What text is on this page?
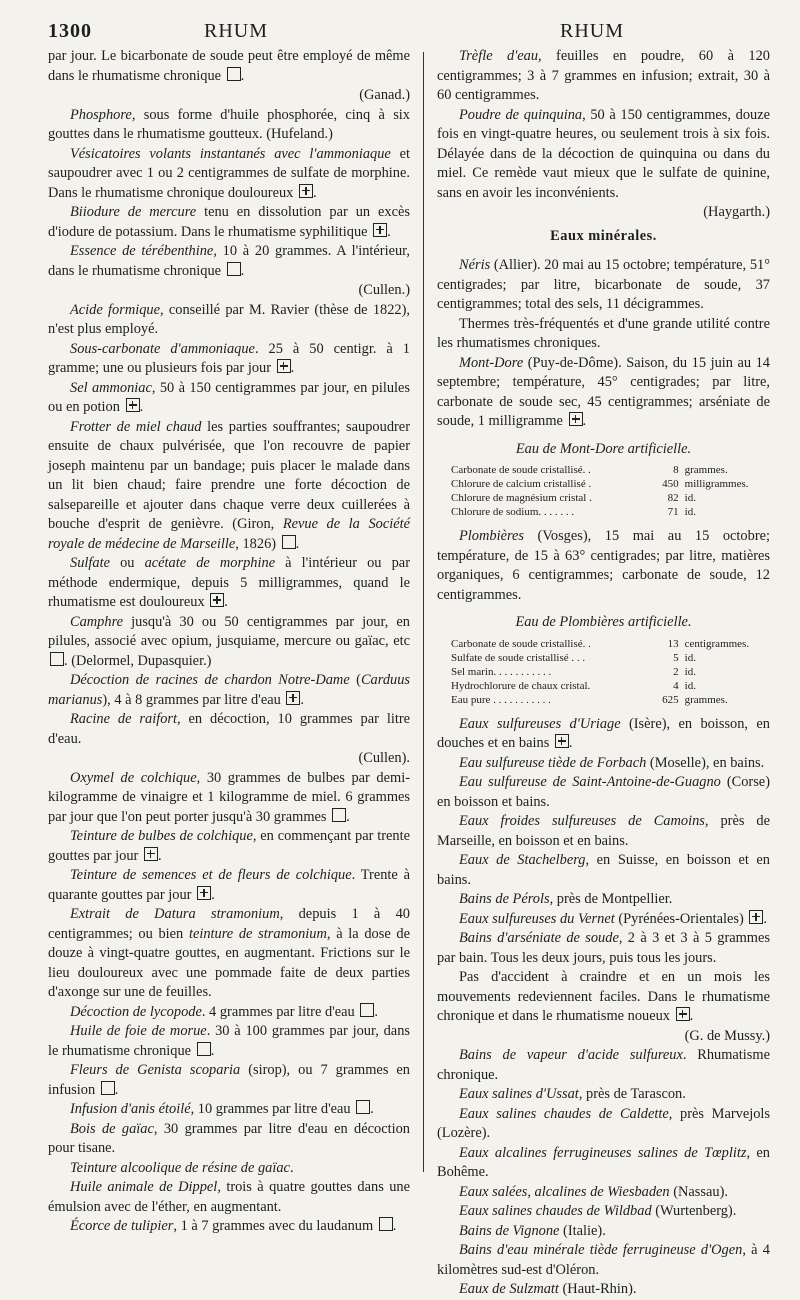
1300	RHUM	RHUM

par jour. Le bicarbonate de soude peut être employé de même dans le rhumatisme chronique .
(Ganad.)

Phosphore, sous forme d'huile phosphorée, cinq à six gouttes dans le rhumatisme goutteux. (Hufeland.)

Vésicatoires volants instantanés avec l'ammoniaque et saupoudrer avec 1 ou 2 centigrammes de sulfate de morphine. Dans le rhumatisme chronique douloureux .

Biiodure de mercure tenu en dissolution par un excès d'iodure de potassium. Dans le rhumatisme syphilitique .

Essence de térébenthine, 10 à 20 grammes. A l'intérieur, dans le rhumatisme chronique .
(Cullen.)

Acide formique, conseillé par M. Ravier (thèse de 1822), n'est plus employé.

Sous-carbonate d'ammoniaque. 25 à 50 centigr. à 1 gramme; une ou plusieurs fois par jour .

Sel ammoniac, 50 à 150 centigrammes par jour, en pilules ou en potion .

Frotter de miel chaud les parties souffrantes; saupoudrer ensuite de chaux pulvérisée, que l'on recouvre de papier joseph maintenu par un bandage; puis placer le malade dans un lit bien chaud; faire prendre une forte décoction de salsepareille et ajouter dans chaque verre deux cuillerées à bouche d'esprit de genièvre. (Giron, Revue de la Société royale de médecine de Marseille, 1826) .

Sulfate ou acétate de morphine à l'intérieur ou par méthode endermique, depuis 5 milligrammes, quand le rhumatisme est douloureux .

Camphre jusqu'à 30 ou 50 centigrammes par jour, en pilules, associé avec opium, jusquiame, mercure ou gaïac, etc . (Delormel, Dupasquier.)

Décoction de racines de chardon Notre-Dame (Carduus marianus), 4 à 8 grammes par litre d'eau .

Racine de raifort, en décoction, 10 grammes par litre d'eau.
(Cullen).

Oxymel de colchique, 30 grammes de bulbes par demi-kilogramme de vinaigre et 1 kilogramme de miel. 6 grammes par jour que l'on peut porter jusqu'à 30 grammes .

Teinture de bulbes de colchique, en commençant par trente gouttes par jour .

Teinture de semences et de fleurs de colchique. Trente à quarante gouttes par jour .

Extrait de Datura stramonium, depuis 1 à 40 centigrammes; ou bien teinture de stramonium, à la dose de douze à vingt-quatre gouttes, en augmentant. Frictions sur le lieu douloureux avec une pommade faite de deux parties d'axonge sur une de feuilles.

Décoction de lycopode. 4 grammes par litre d'eau .

Huile de foie de morue. 30 à 100 grammes par jour, dans le rhumatisme chronique .

Fleurs de Genista scoparia (sirop), ou 7 grammes en infusion .

Infusion d'anis étoilé, 10 grammes par litre d'eau .

Bois de gaïac, 30 grammes par litre d'eau en décoction pour tisane.

Teinture alcoolique de résine de gaïac.

Huile animale de Dippel, trois à quatre gouttes dans une émulsion avec de l'éther, en augmentant.

Écorce de tulipier, 1 à 7 grammes avec du laudanum .

Trèfle d'eau, feuilles en poudre, 60 à 120 centigrammes; 3 à 7 grammes en infusion; extrait, 30 à 60 centigrammes.

Poudre de quinquina, 50 à 150 centigrammes, douze fois en vingt-quatre heures, ou seulement trois à six fois. Délayée dans de la décoction de quinquina ou dans du miel. Ce remède vaut mieux que le sulfate de quinine, sans en avoir les inconvénients.
(Haygarth.)

Eaux minérales.

Néris (Allier). 20 mai au 15 octobre; température, 51° centigrades; par litre, bicarbonate de soude, 37 centigrammes; total des sels, 11 décigrammes.

Thermes très-fréquentés et d'une grande utilité contre les rhumatismes chroniques.

Mont-Dore (Puy-de-Dôme). Saison, du 15 juin au 14 septembre; température, 45° centigrades; par litre, carbonate de soude sec, 45 centigrammes; arséniate de soude, 1 milligramme .

Eau de Mont-Dore artificielle.
Carbonate de soude cristallisé. .	8 grammes.
Chlorure de calcium cristallisé .	450 milligrammes.
Chlorure de magnésium cristal .	82 id.
Chlorure de sodium. . . . . . .	71 id.

Plombières (Vosges), 15 mai au 15 octobre; température, de 15 à 63° centigrades; par litre, matières organiques, 6 centigrammes; carbonate de soude, 12 centigrammes.

Eau de Plombières artificielle.
Carbonate de soude cristallisé. .	13 centigrammes.
Sulfate de soude cristallisé . . .	5 id.
Sel marin. . . . . . . . . . .	2 id.
Hydrochlorure de chaux cristal.	4 id.
Eau pure . . . . . . . . . . .	625 grammes.

Eaux sulfureuses d'Uriage (Isère), en boisson, en douches et en bains .

Eau sulfureuse tiède de Forbach (Moselle), en bains.

Eau sulfureuse de Saint-Antoine-de-Guagno (Corse) en boisson et bains.

Eaux froides sulfureuses de Camoins, près de Marseille, en boisson et en bains.

Eaux de Stachelberg, en Suisse, en boisson et en bains.

Bains de Pérols, près de Montpellier.

Eaux sulfureuses du Vernet (Pyrénées-Orientales) .

Bains d'arséniate de soude, 2 à 3 et 3 à 5 grammes par bain. Tous les deux jours, puis tous les jours.

Pas d'accident à craindre et en un mois les mouvements redeviennent faciles. Dans le rhumatisme chronique et dans le rhumatisme noueux .
(G. de Mussy.)

Bains de vapeur d'acide sulfureux. Rhumatisme chronique.

Eaux salines d'Ussat, près de Tarascon.

Eaux salines chaudes de Caldette, près Marvejols (Lozère).

Eaux alcalines ferrugineuses salines de Tœplitz, en Bohême.

Eaux salées, alcalines de Wiesbaden (Nassau).

Eaux salines chaudes de Wildbad (Wurtenberg).

Bains de Vignone (Italie).

Bains d'eau minérale tiède ferrugineuse d'Ogen, à 4 kilomètres sud-est d'Oléron.

Eaux de Sulzmatt (Haut-Rhin).
